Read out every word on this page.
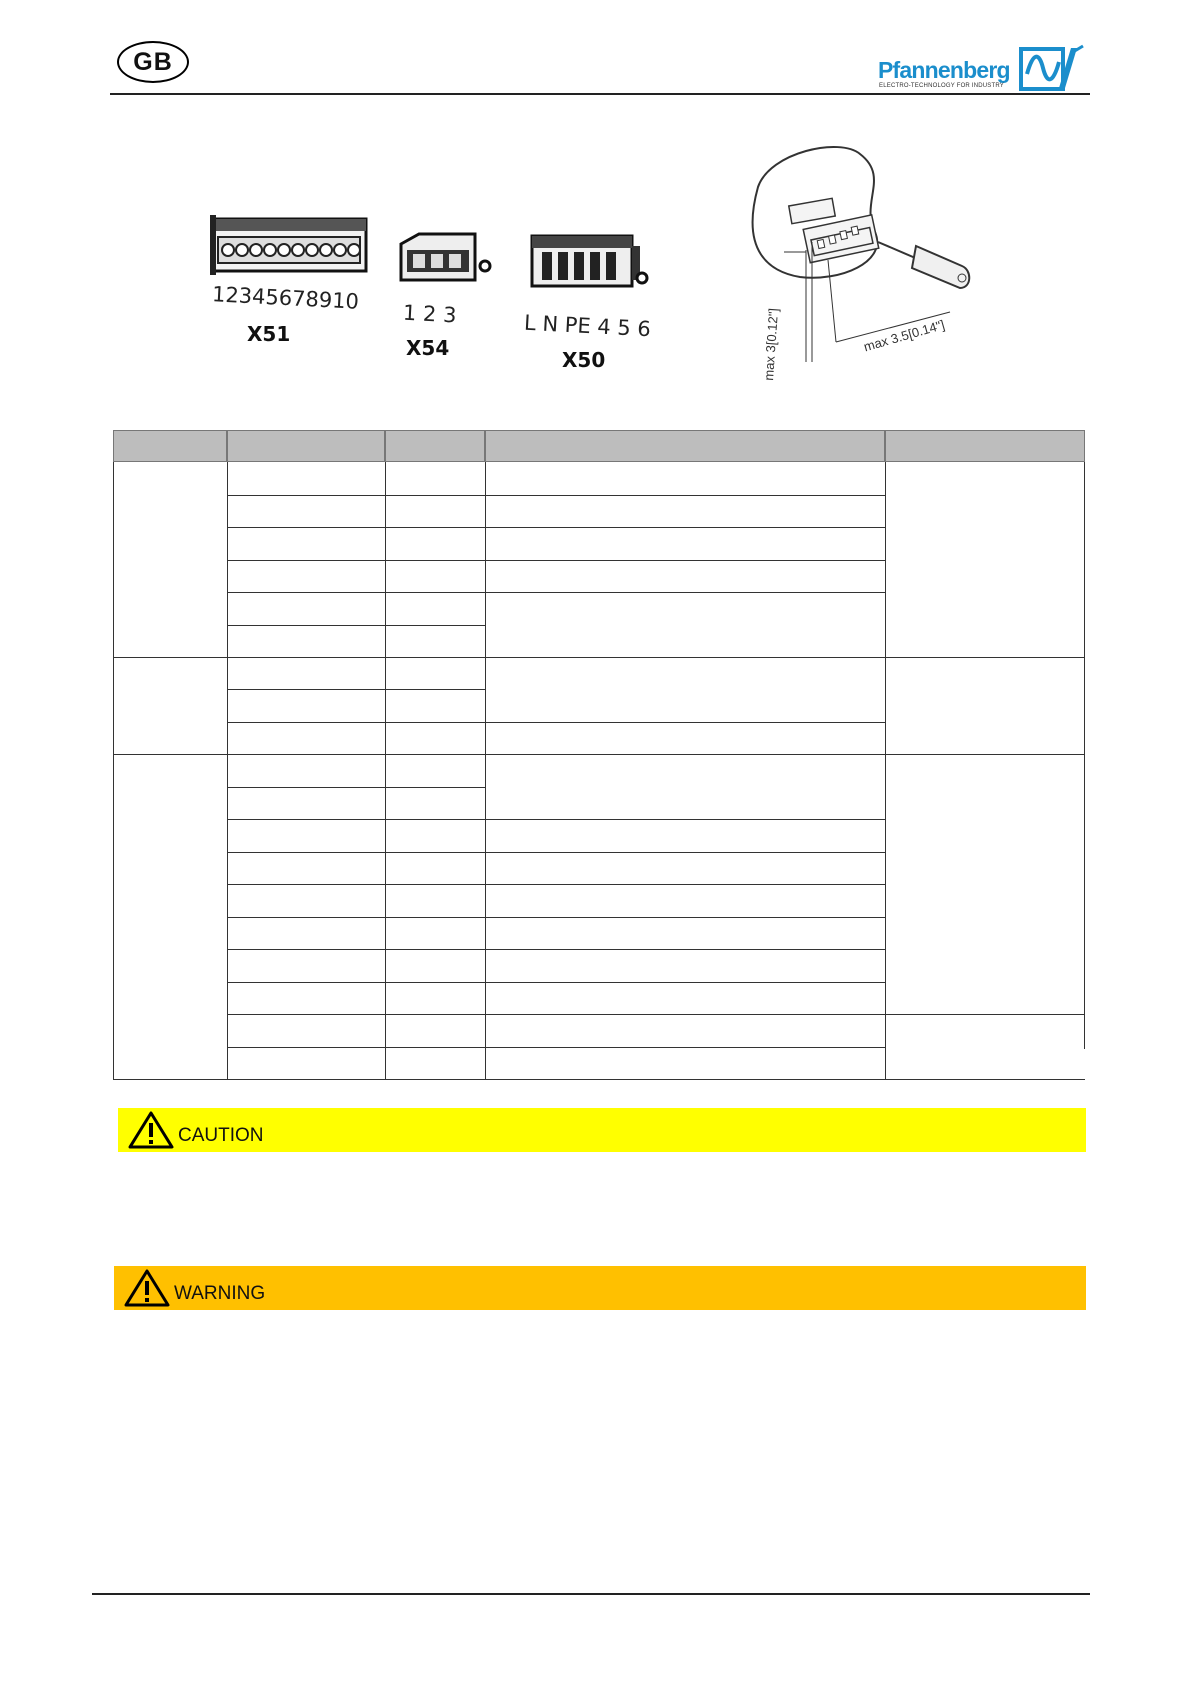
GB	Pfannenberg
ELECTRO-TECHNOLOGY FOR INDUSTRY
12345678910
X51
1 2 3
X54
L N PE 4 5 6
X50	max 3[0.12"]	max 3.5[0.14"]
CAUTION
WARNING
